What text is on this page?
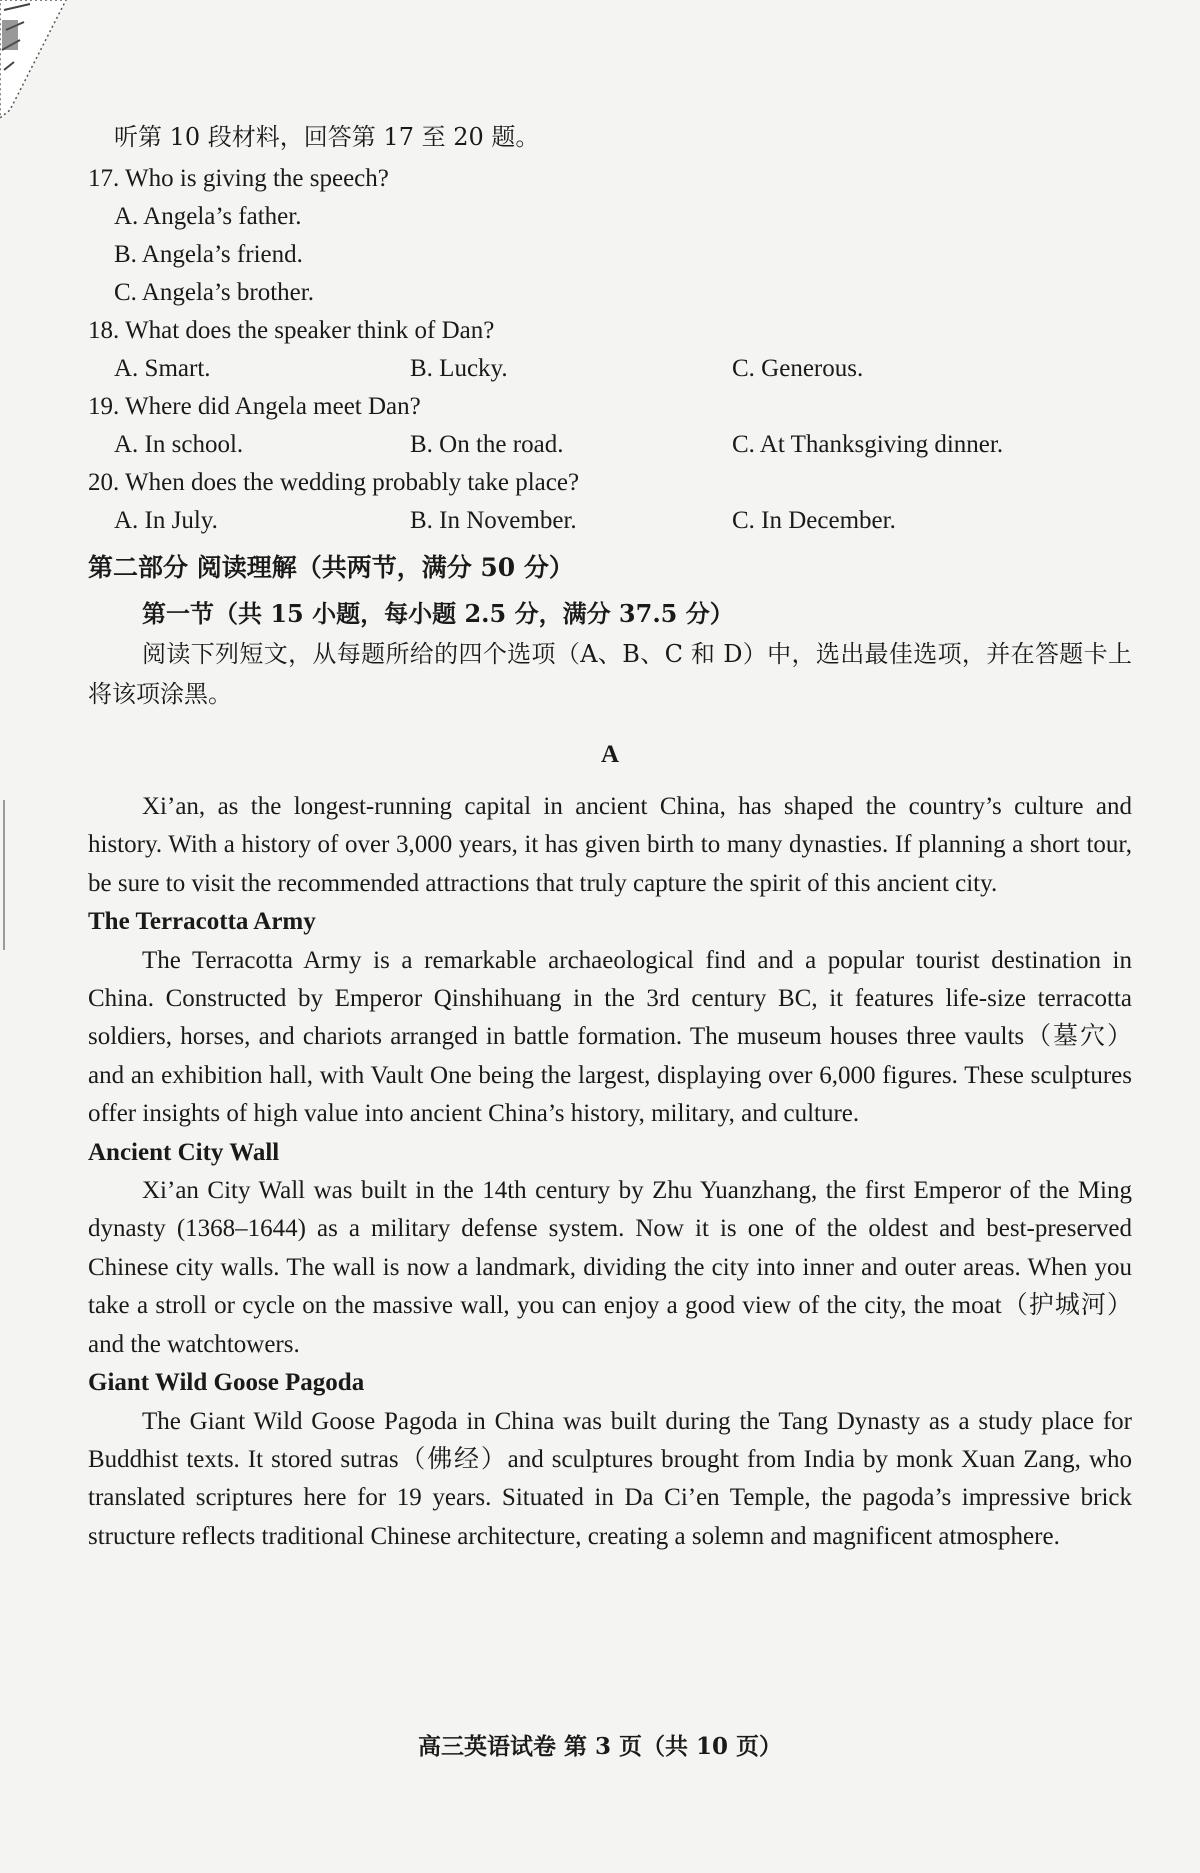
听第 10 段材料，回答第 17 至 20 题。
17. Who is giving the speech?
A. Angela’s father.
B. Angela’s friend.
C. Angela’s brother.
18. What does the speaker think of Dan?
A. Smart.	B. Lucky.	C. Generous.
19. Where did Angela meet Dan?
A. In school.	B. On the road.	C. At Thanksgiving dinner.
20. When does the wedding probably take place?
A. In July.	B. In November.	C. In December.
第二部分 阅读理解（共两节，满分 50 分）
第一节（共 15 小题，每小题 2.5 分，满分 37.5 分）
阅读下列短文，从每题所给的四个选项（A、B、C 和 D）中，选出最佳选项，并在答题卡上将该项涂黑。
A
Xi’an, as the longest-running capital in ancient China, has shaped the country’s culture and history. With a history of over 3,000 years, it has given birth to many dynasties. If planning a short tour, be sure to visit the recommended attractions that truly capture the spirit of this ancient city.
The Terracotta Army
The Terracotta Army is a remarkable archaeological find and a popular tourist destination in China. Constructed by Emperor Qinshihuang in the 3rd century BC, it features life-size terracotta soldiers, horses, and chariots arranged in battle formation. The museum houses three vaults（墓穴）and an exhibition hall, with Vault One being the largest, displaying over 6,000 figures. These sculptures offer insights of high value into ancient China’s history, military, and culture.
Ancient City Wall
Xi’an City Wall was built in the 14th century by Zhu Yuanzhang, the first Emperor of the Ming dynasty (1368–1644) as a military defense system. Now it is one of the oldest and best-preserved Chinese city walls. The wall is now a landmark, dividing the city into inner and outer areas. When you take a stroll or cycle on the massive wall, you can enjoy a good view of the city, the moat（护城河）and the watchtowers.
Giant Wild Goose Pagoda
The Giant Wild Goose Pagoda in China was built during the Tang Dynasty as a study place for Buddhist texts. It stored sutras（佛经）and sculptures brought from India by monk Xuan Zang, who translated scriptures here for 19 years. Situated in Da Ci’en Temple, the pagoda’s impressive brick structure reflects traditional Chinese architecture, creating a solemn and magnificent atmosphere.
高三英语试卷 第 3 页（共 10 页）
